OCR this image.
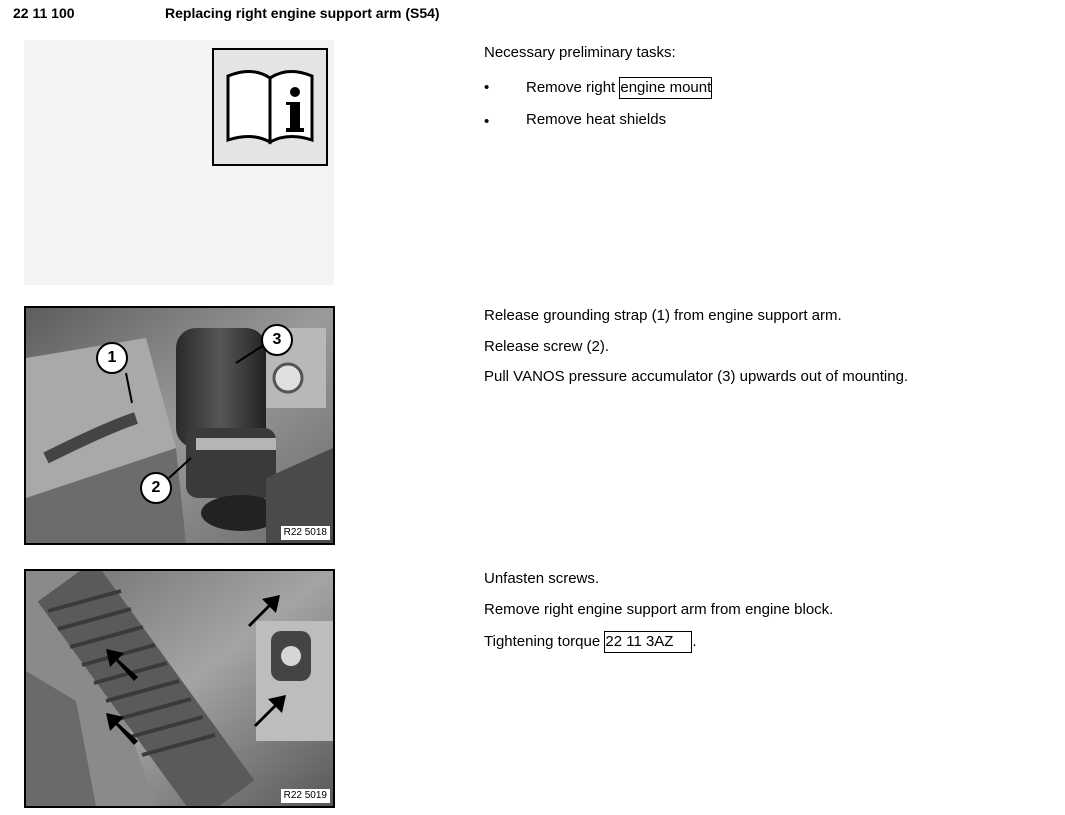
22 11 100	Replacing right engine support arm (S54)
Necessary preliminary tasks:
• Remove right engine mount
• Remove heat shields
1
2
3
R22 5018
Release grounding strap (1) from engine support arm.
Release screw (2).
Pull VANOS pressure accumulator (3) upwards out of mounting.
R22 5019
Unfasten screws.
Remove right engine support arm from engine block.
Tightening torque 22 11 3AZ .
